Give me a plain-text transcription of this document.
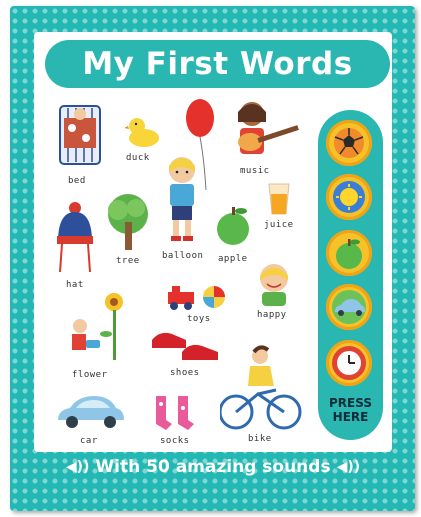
My First Words
bed
duck
balloon
music
juice
tree	apple
hat
toys	happy
flower	shoes
car	socks	bike
PRESS
HERE
◀)) With 50 amazing sounds ◀))
